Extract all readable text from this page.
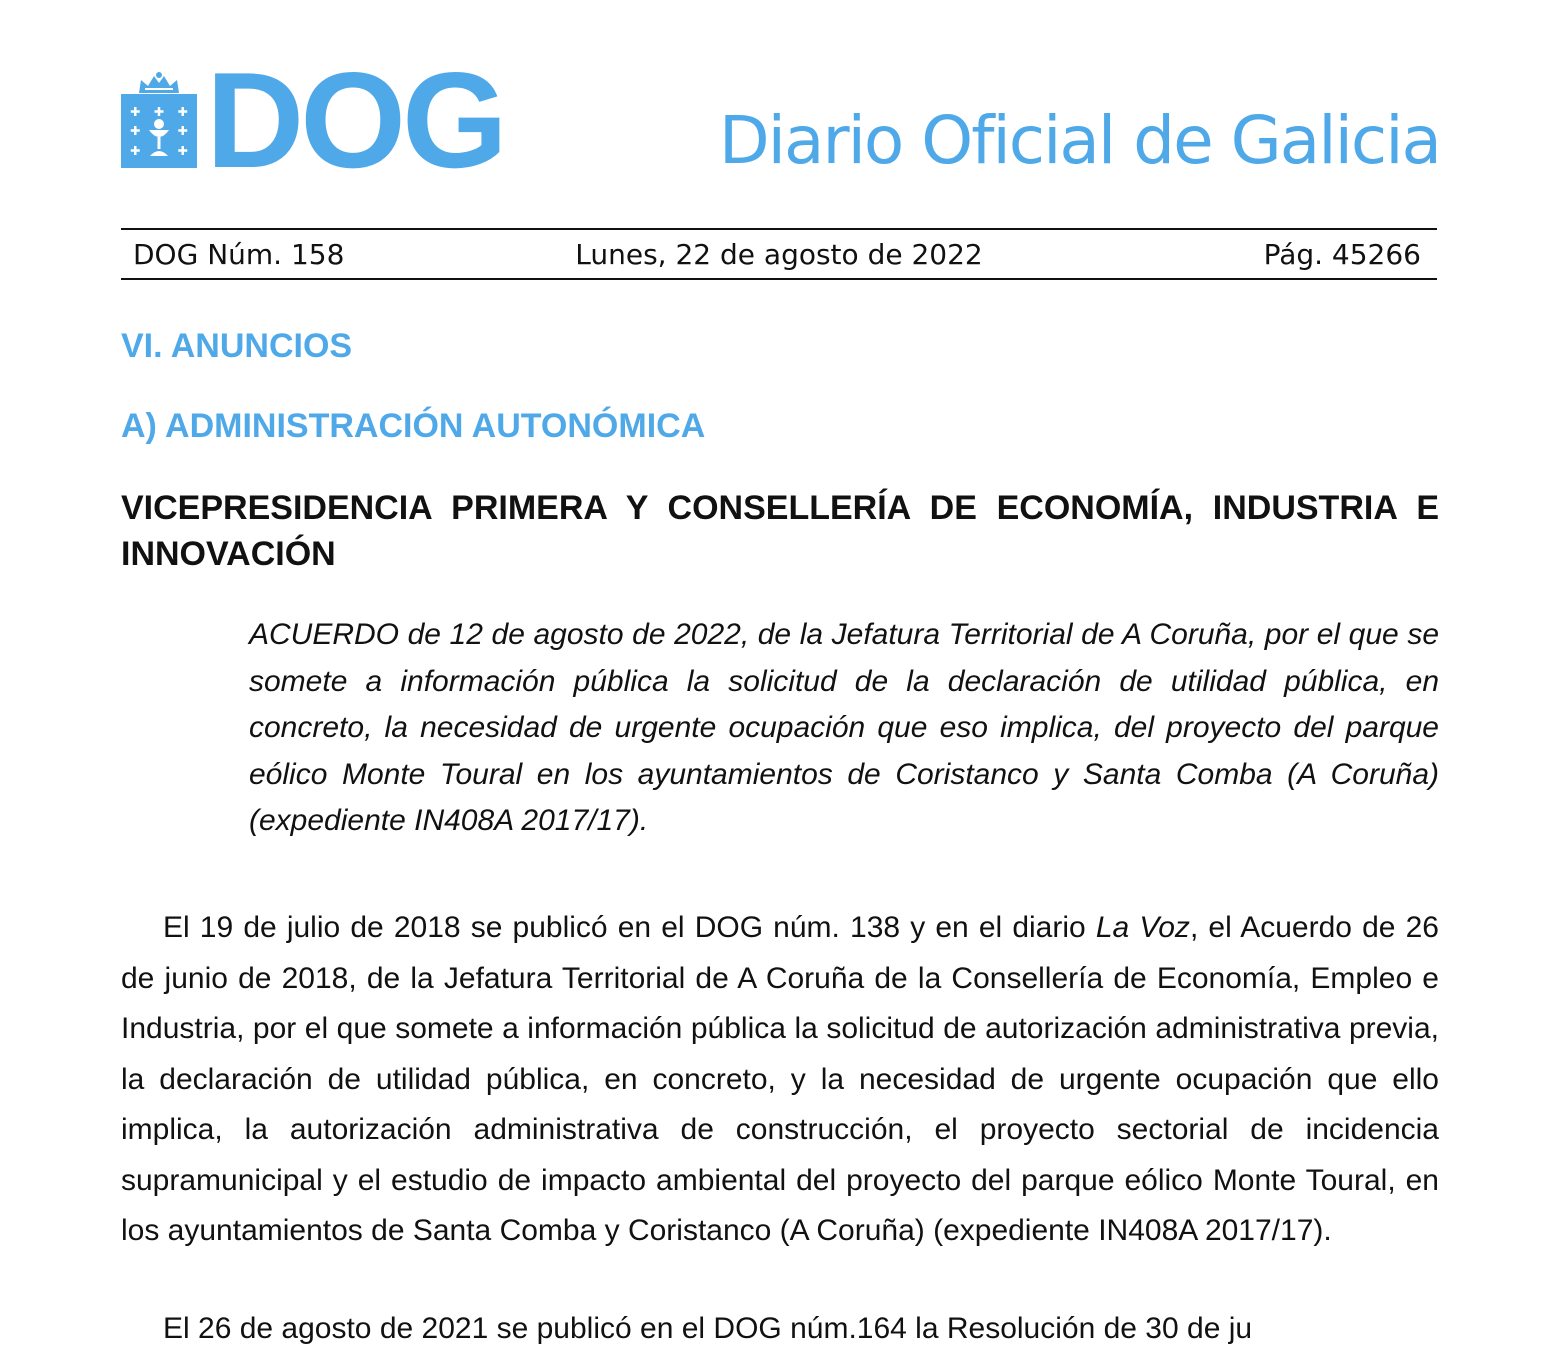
DOG	Diario Oficial de Galicia
DOG Núm. 158	Lunes, 22 de agosto de 2022	Pág. 45266
VI. ANUNCIOS
A) ADMINISTRACIÓN AUTONÓMICA
VICEPRESIDENCIA PRIMERA Y CONSELLERÍA DE ECONOMÍA, INDUSTRIA E INNOVACIÓN
ACUERDO de 12 de agosto de 2022, de la Jefatura Territorial de A Coruña, por el que se somete a información pública la solicitud de la declaración de utilidad pública, en concreto, la necesidad de urgente ocupación que eso implica, del proyecto del parque eólico Monte Toural en los ayuntamientos de Coristanco y Santa Comba (A Coruña) (expediente IN408A 2017/17).

El 19 de julio de 2018 se publicó en el DOG núm. 138 y en el diario La Voz, el Acuerdo de 26 de junio de 2018, de la Jefatura Territorial de A Coruña de la Consellería de Economía, Empleo e Industria, por el que somete a información pública la solicitud de autorización administrativa previa, la declaración de utilidad pública, en concreto, y la necesidad de urgente ocupación que ello implica, la autorización administrativa de construcción, el proyecto sectorial de incidencia supramunicipal y el estudio de impacto ambiental del proyecto del parque eólico Monte Toural, en los ayuntamientos de Santa Comba y Coristanco (A Coruña) (expediente IN408A 2017/17).

El 26 de agosto de 2021 se publicó en el DOG núm.164 la Resolución de 30 de ju
